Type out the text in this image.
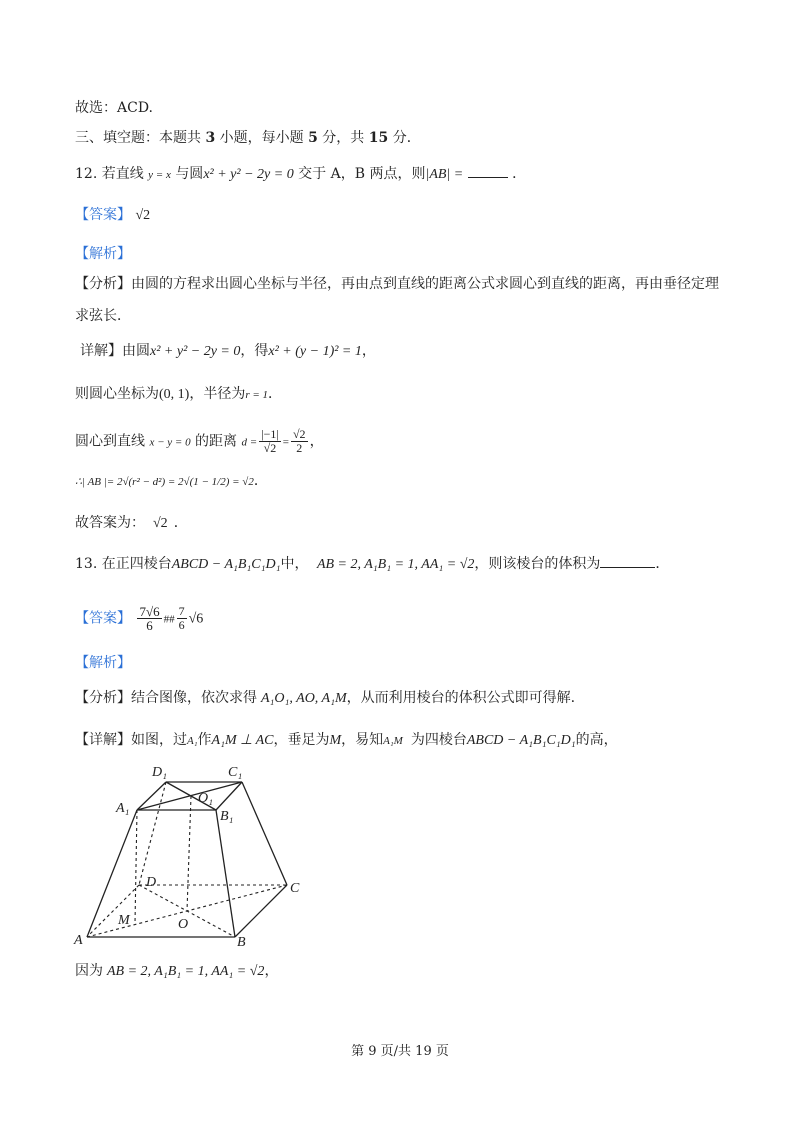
故选：ACD.
三、填空题：本题共 3 小题，每小题 5 分，共 15 分．
12. 若直线 y = x 与圆x² + y² − 2y = 0 交于 A，B 两点，则|AB| =	．
【答案】 √2
【解析】
【分析】由圆的方程求出圆心坐标与半径，再由点到直线的距离公式求圆心到直线的距离，再由垂径定理
求弦长．
详解】由圆x² + y² − 2y = 0，得x² + (y − 1)² = 1，
则圆心坐标为(0, 1)，半径为r = 1．
圆心到直线 x − y = 0 的距离 $d = \frac{|-1|}{√2} = \frac{√2}{2}$ ，
∴| AB |= 2√(r² − d²) = 2√(1 − 1/2) = √2．
故答案为： √2 ．
13. 在正四棱台ABCD − A₁B₁C₁D₁中， AB = 2, A₁B₁ = 1, AA₁ = √2，则该棱台的体积为	．
【答案】 $\frac{7√6}{6}$ ## $\frac{7}{6} √6$
【解析】
【分析】结合图像，依次求得 A₁O₁, AO, A₁M，从而利用棱台的体积公式即可得解.
【详解】如图，过A₁作A₁M ⊥ AC，垂足为M，易知A₁M 为四棱台ABCD − A₁B₁C₁D₁的高，
D₁	C₁
A₁
B₁
O₁
D	C
M	O
A	B
因为 AB = 2, A₁B₁ = 1, AA₁ = √2，
第 9 页/共 19 页
